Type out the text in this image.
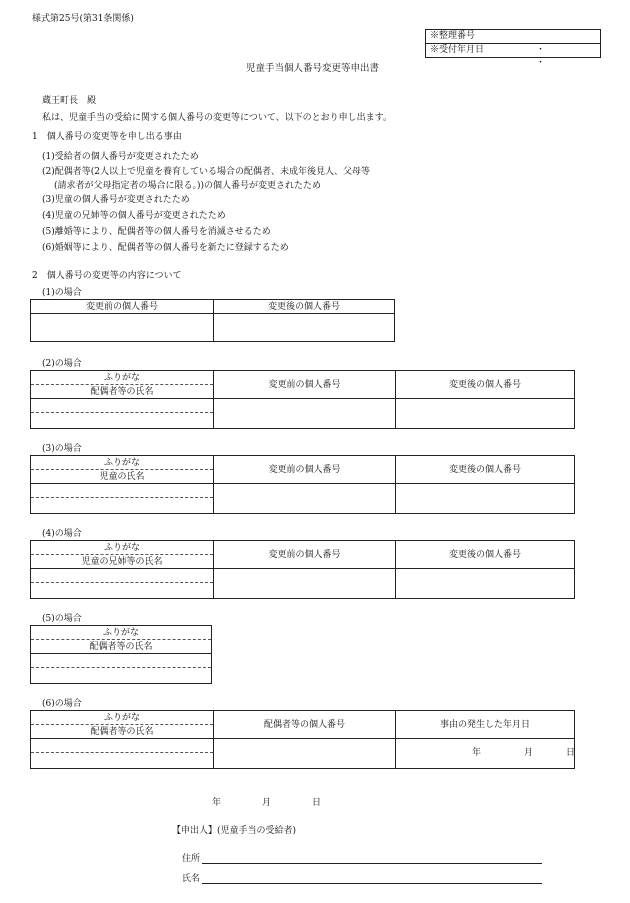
様式第25号(第31条関係)
※整理番号
※受付年月日	・ ・
児童手当個人番号変更等申出書
蔵王町長　殿
私は、児童手当の受給に関する個人番号の変更等について、以下のとおり申し出ます。
1　個人番号の変更等を申し出る事由
(1)受給者の個人番号が変更されたため
(2)配偶者等(2人以上で児童を養育している場合の配偶者、未成年後見人、父母等
(請求者が父母指定者の場合に限る。))の個人番号が変更されたため
(3)児童の個人番号が変更されたため
(4)児童の兄姉等の個人番号が変更されたため
(5)離婚等により、配偶者等の個人番号を消滅させるため
(6)婚姻等により、配偶者等の個人番号を新たに登録するため
2　個人番号の変更等の内容について
(1)の場合
変更前の個人番号	変更後の個人番号

(2)の場合
ふりがな	変更前の個人番号	変更後の個人番号
配偶者等の氏名		

(3)の場合
ふりがな	変更前の個人番号	変更後の個人番号
児童の氏名		

(4)の場合
ふりがな	変更前の個人番号	変更後の個人番号
児童の兄姉等の氏名		

(5)の場合
ふりがな
配偶者等の氏名

(6)の場合
ふりがな	配偶者等の個人番号	事由の発生した年月日
配偶者等の氏名		

		年 月 日

年	月	日
【申出人】(児童手当の受給者)
住所
氏名
